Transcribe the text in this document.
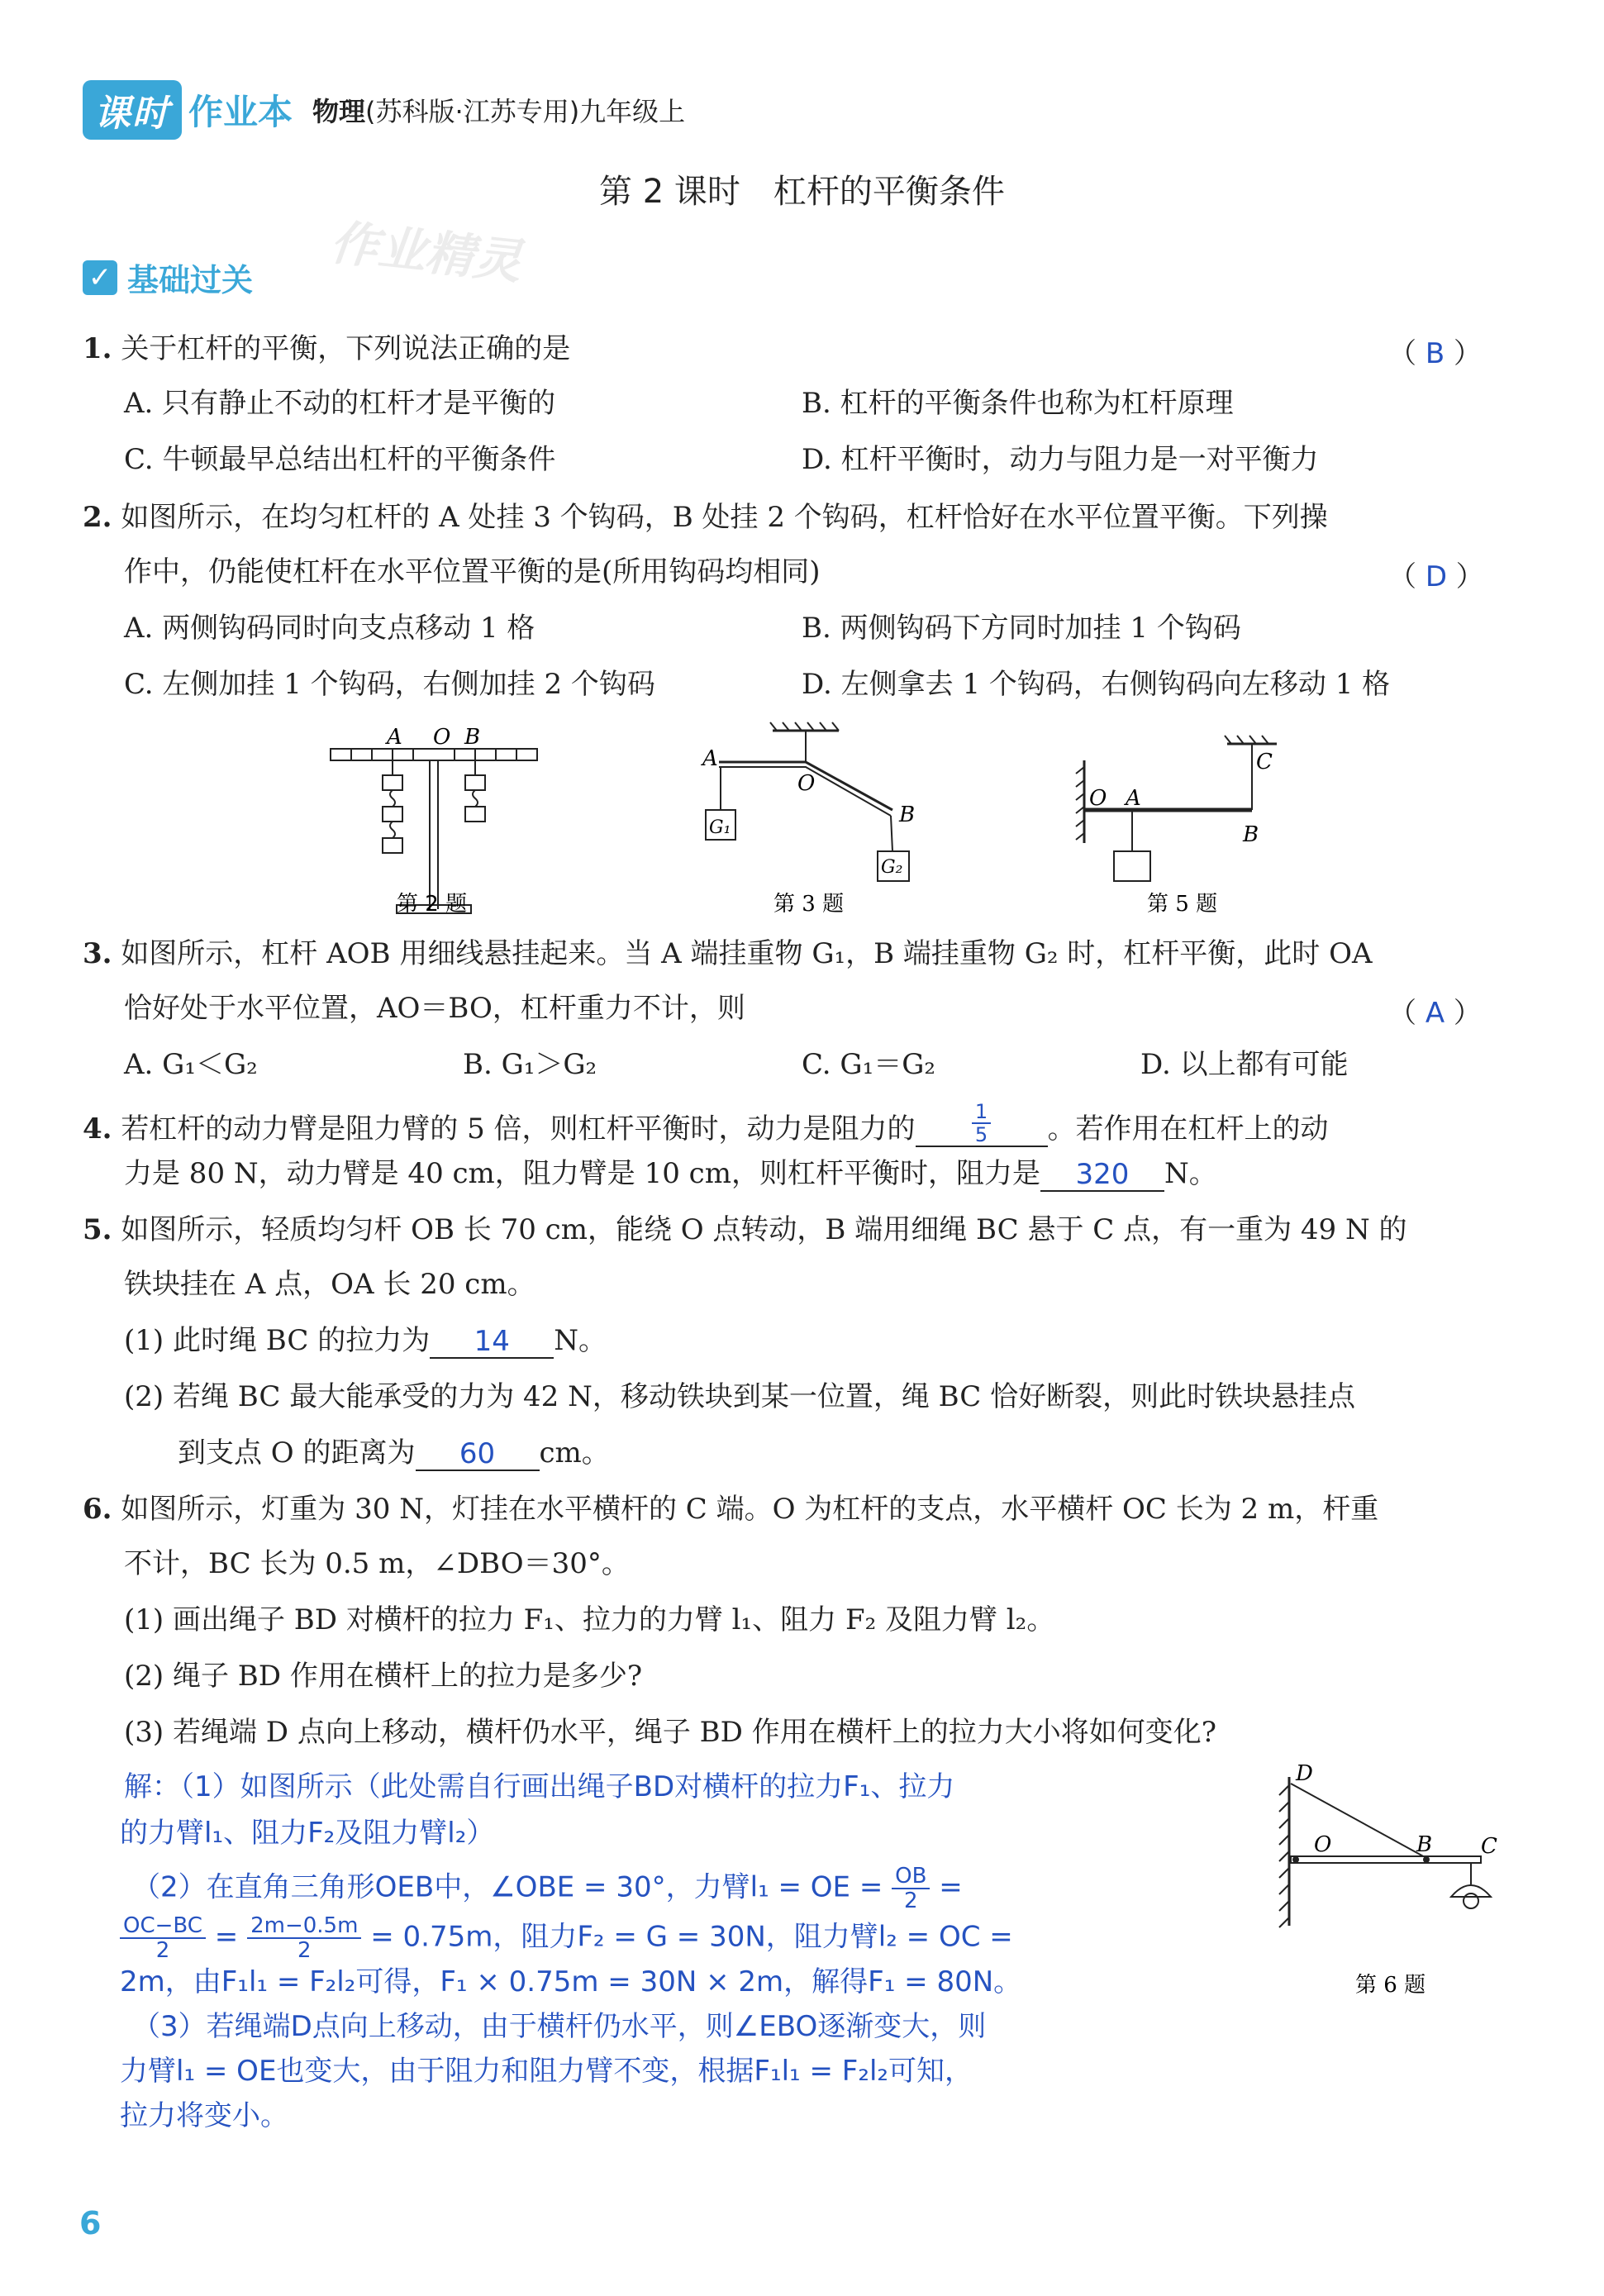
课时 作业本 物理(苏科版·江苏专用)九年级上
第 2 课时　杠杆的平衡条件
作业精灵
✓ 基础过关
1. 关于杠杆的平衡，下列说法正确的是	（ B ）
A. 只有静止不动的杠杆才是平衡的	B. 杠杆的平衡条件也称为杠杆原理
C. 牛顿最早总结出杠杆的平衡条件	D. 杠杆平衡时，动力与阻力是一对平衡力
2. 如图所示，在均匀杠杆的 A 处挂 3 个钩码，B 处挂 2 个钩码，杠杆恰好在水平位置平衡。下列操
作中，仍能使杠杆在水平位置平衡的是(所用钩码均相同)	（ D ）
A. 两侧钩码同时向支点移动 1 格	B. 两侧钩码下方同时加挂 1 个钩码
C. 左侧加挂 1 个钩码，右侧加挂 2 个钩码	D. 左侧拿去 1 个钩码，右侧钩码向左移动 1 格
A O B
第 2 题
A
O
B
G₁
G₂
第 3 题
O A
C
B
第 5 题
3. 如图所示，杠杆 AOB 用细线悬挂起来。当 A 端挂重物 G₁，B 端挂重物 G₂ 时，杠杆平衡，此时 OA
恰好处于水平位置，AO＝BO，杠杆重力不计，则	（ A ）
A. G₁＜G₂	B. G₁＞G₂	C. G₁＝G₂	D. 以上都有可能
4. 若杠杆的动力臂是阻力臂的 5 倍，则杠杆平衡时，动力是阻力的	$\frac{1}{5}$ 。若作用在杠杆上的动
力是 80 N，动力臂是 40 cm，阻力臂是 10 cm，则杠杆平衡时，阻力是 320 N。
5. 如图所示，轻质均匀杆 OB 长 70 cm，能绕 O 点转动，B 端用细绳 BC 悬于 C 点，有一重为 49 N 的
铁块挂在 A 点，OA 长 20 cm。
(1) 此时绳 BC 的拉力为 14 N。
(2) 若绳 BC 最大能承受的力为 42 N，移动铁块到某一位置，绳 BC 恰好断裂，则此时铁块悬挂点
到支点 O 的距离为 60 cm。
6. 如图所示，灯重为 30 N，灯挂在水平横杆的 C 端。O 为杠杆的支点，水平横杆 OC 长为 2 m，杆重
不计，BC 长为 0.5 m，∠DBO＝30°。
(1) 画出绳子 BD 对横杆的拉力 F₁、拉力的力臂 l₁、阻力 F₂ 及阻力臂 l₂。
(2) 绳子 BD 作用在横杆上的拉力是多少?
(3) 若绳端 D 点向上移动，横杆仍水平，绳子 BD 作用在横杆上的拉力大小将如何变化?
解：（1）如图所示（此处需自行画出绳子BD对横杆的拉力F₁、拉力
的力臂l₁、阻力F₂及阻力臂l₂）
（2）在直角三角形OEB中，∠OBE = 30°，力臂l₁ = OE = $\frac{OB}{2}$ =
$\frac{OC-BC}{2} = \frac{2m-0.5m}{2} = 0.75m$，阻力F₂ = G = 30N，阻力臂l₂ = OC =
2m，由F₁l₁ = F₂l₂可得，F₁ × 0.75m = 30N × 2m，解得F₁ = 80N。
（3）若绳端D点向上移动，由于横杆仍水平，则∠EBO逐渐变大，则
力臂l₁ = OE也变大，由于阻力和阻力臂不变，根据F₁l₁ = F₂l₂可知，
拉力将变小。
D
O	B C
第 6 题
6
